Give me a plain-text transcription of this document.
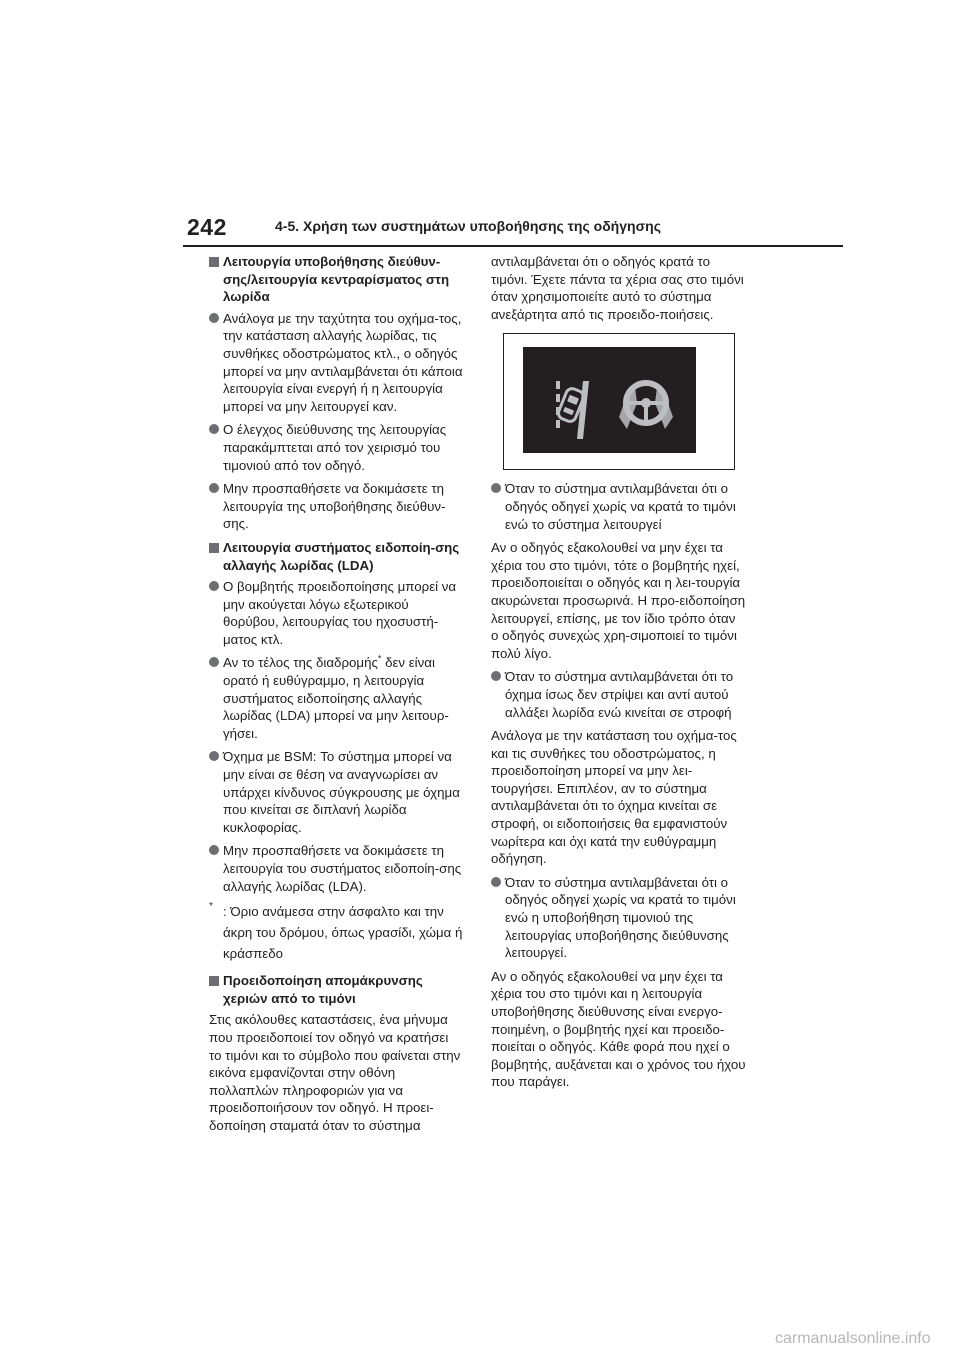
242	4-5. Χρήση των συστημάτων υποβοήθησης της οδήγησης

Λειτουργία υποβοήθησης διεύθυν-σης/λειτουργία κεντραρίσματος στη λωρίδα

Ανάλογα με την ταχύτητα του οχήμα-τος, την κατάσταση αλλαγής λωρίδας, τις συνθήκες οδοστρώματος κτλ., ο οδηγός μπορεί να μην αντιλαμβάνεται ότι κάποια λειτουργία είναι ενεργή ή η λειτουργία μπορεί να μην λειτουργεί καν.

Ο έλεγχος διεύθυνσης της λειτουργίας παρακάμπτεται από τον χειρισμό του τιμονιού από τον οδηγό.

Μην προσπαθήσετε να δοκιμάσετε τη λειτουργία της υποβοήθησης διεύθυν-σης.

Λειτουργία συστήματος ειδοποίη-σης αλλαγής λωρίδας (LDA)

Ο βομβητής προειδοποίησης μπορεί να μην ακούγεται λόγω εξωτερικού θορύβου, λειτουργίας του ηχοσυστή-ματος κτλ.

Αν το τέλος της διαδρομής* δεν είναι ορατό ή ευθύγραμμο, η λειτουργία συστήματος ειδοποίησης αλλαγής λωρίδας (LDA) μπορεί να μην λειτουρ-γήσει.

Όχημα με BSM: Το σύστημα μπορεί να μην είναι σε θέση να αναγνωρίσει αν υπάρχει κίνδυνος σύγκρουσης με όχημα που κινείται σε διπλανή λωρίδα κυκλοφορίας.

Μην προσπαθήσετε να δοκιμάσετε τη λειτουργία του συστήματος ειδοποίη-σης αλλαγής λωρίδας (LDA).

* : Όριο ανάμεσα στην άσφαλτο και την άκρη του δρόμου, όπως γρασίδι, χώμα ή κράσπεδο

Προειδοποίηση απομάκρυνσης χεριών από το τιμόνι

Στις ακόλουθες καταστάσεις, ένα μήνυμα που προειδοποιεί τον οδηγό να κρατήσει το τιμόνι και το σύμβολο που φαίνεται στην εικόνα εμφανίζονται στην οθόνη πολλαπλών πληροφοριών για να προειδοποιήσουν τον οδηγό. Η προει-δοποίηση σταματά όταν το σύστημα

αντιλαμβάνεται ότι ο οδηγός κρατά το τιμόνι. Έχετε πάντα τα χέρια σας στο τιμόνι όταν χρησιμοποιείτε αυτό το σύστημα ανεξάρτητα από τις προειδο-ποιήσεις.

Όταν το σύστημα αντιλαμβάνεται ότι ο οδηγός οδηγεί χωρίς να κρατά το τιμόνι ενώ το σύστημα λειτουργεί

Αν ο οδηγός εξακολουθεί να μην έχει τα χέρια του στο τιμόνι, τότε ο βομβητής ηχεί, προειδοποιείται ο οδηγός και η λει-τουργία ακυρώνεται προσωρινά. Η προ-ειδοποίηση λειτουργεί, επίσης, με τον ίδιο τρόπο όταν ο οδηγός συνεχώς χρη-σιμοποιεί το τιμόνι πολύ λίγο.

Όταν το σύστημα αντιλαμβάνεται ότι το όχημα ίσως δεν στρίψει και αντί αυτού αλλάξει λωρίδα ενώ κινείται σε στροφή

Ανάλογα με την κατάσταση του οχήμα-τος και τις συνθήκες του οδοστρώματος, η προειδοποίηση μπορεί να μην λει-τουργήσει. Επιπλέον, αν το σύστημα αντιλαμβάνεται ότι το όχημα κινείται σε στροφή, οι ειδοποιήσεις θα εμφανιστούν νωρίτερα και όχι κατά την ευθύγραμμη οδήγηση.

Όταν το σύστημα αντιλαμβάνεται ότι ο οδηγός οδηγεί χωρίς να κρατά το τιμόνι ενώ η υποβοήθηση τιμονιού της λειτουργίας υποβοήθησης διεύθυνσης λειτουργεί.

Αν ο οδηγός εξακολουθεί να μην έχει τα χέρια του στο τιμόνι και η λειτουργία υποβοήθησης διεύθυνσης είναι ενεργο-ποιημένη, ο βομβητής ηχεί και προειδο-ποιείται ο οδηγός. Κάθε φορά που ηχεί ο βομβητής, αυξάνεται και ο χρόνος του ήχου που παράγει.

carmanualsonline.info
